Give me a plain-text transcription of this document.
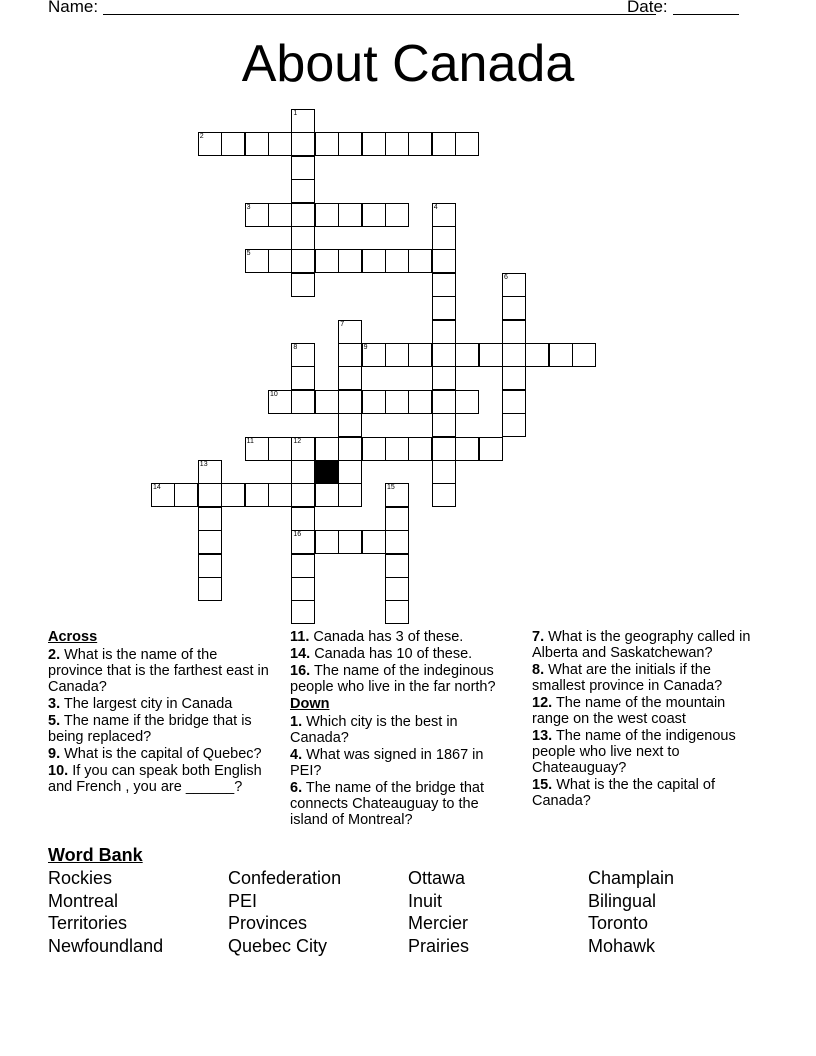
Name:	Date:
About Canada
2
3
5
9
10
11	12
14
16
1
4
6
7
8
13
15
Across
2. What is the name of the province that is the farthest east in Canada?
3. The largest city in Canada
5. The name if the bridge that is being replaced?
9. What is the capital of Quebec?
10. If you can speak both English and French , you are ______?
11. Canada has 3 of these.
14. Canada has 10 of these.
16. The name of the indeginous people who live in the far north?
Down
1. Which city is the best in Canada?
4. What was signed in 1867 in PEI?
6. The name of the bridge that connects Chateauguay to the island of Montreal?
7. What is the geography called in Alberta and Saskatchewan?
8. What are the initials if the smallest province in Canada?
12. The name of the mountain range on the west coast
13. The name of the indigenous people who live next to Chateauguay?
15. What is the the capital of Canada?
Word Bank
Rockies	Confederation	Ottawa	Champlain
Montreal	PEI	Inuit	Bilingual
Territories	Provinces	Mercier	Toronto
Newfoundland	Quebec City	Prairies	Mohawk
